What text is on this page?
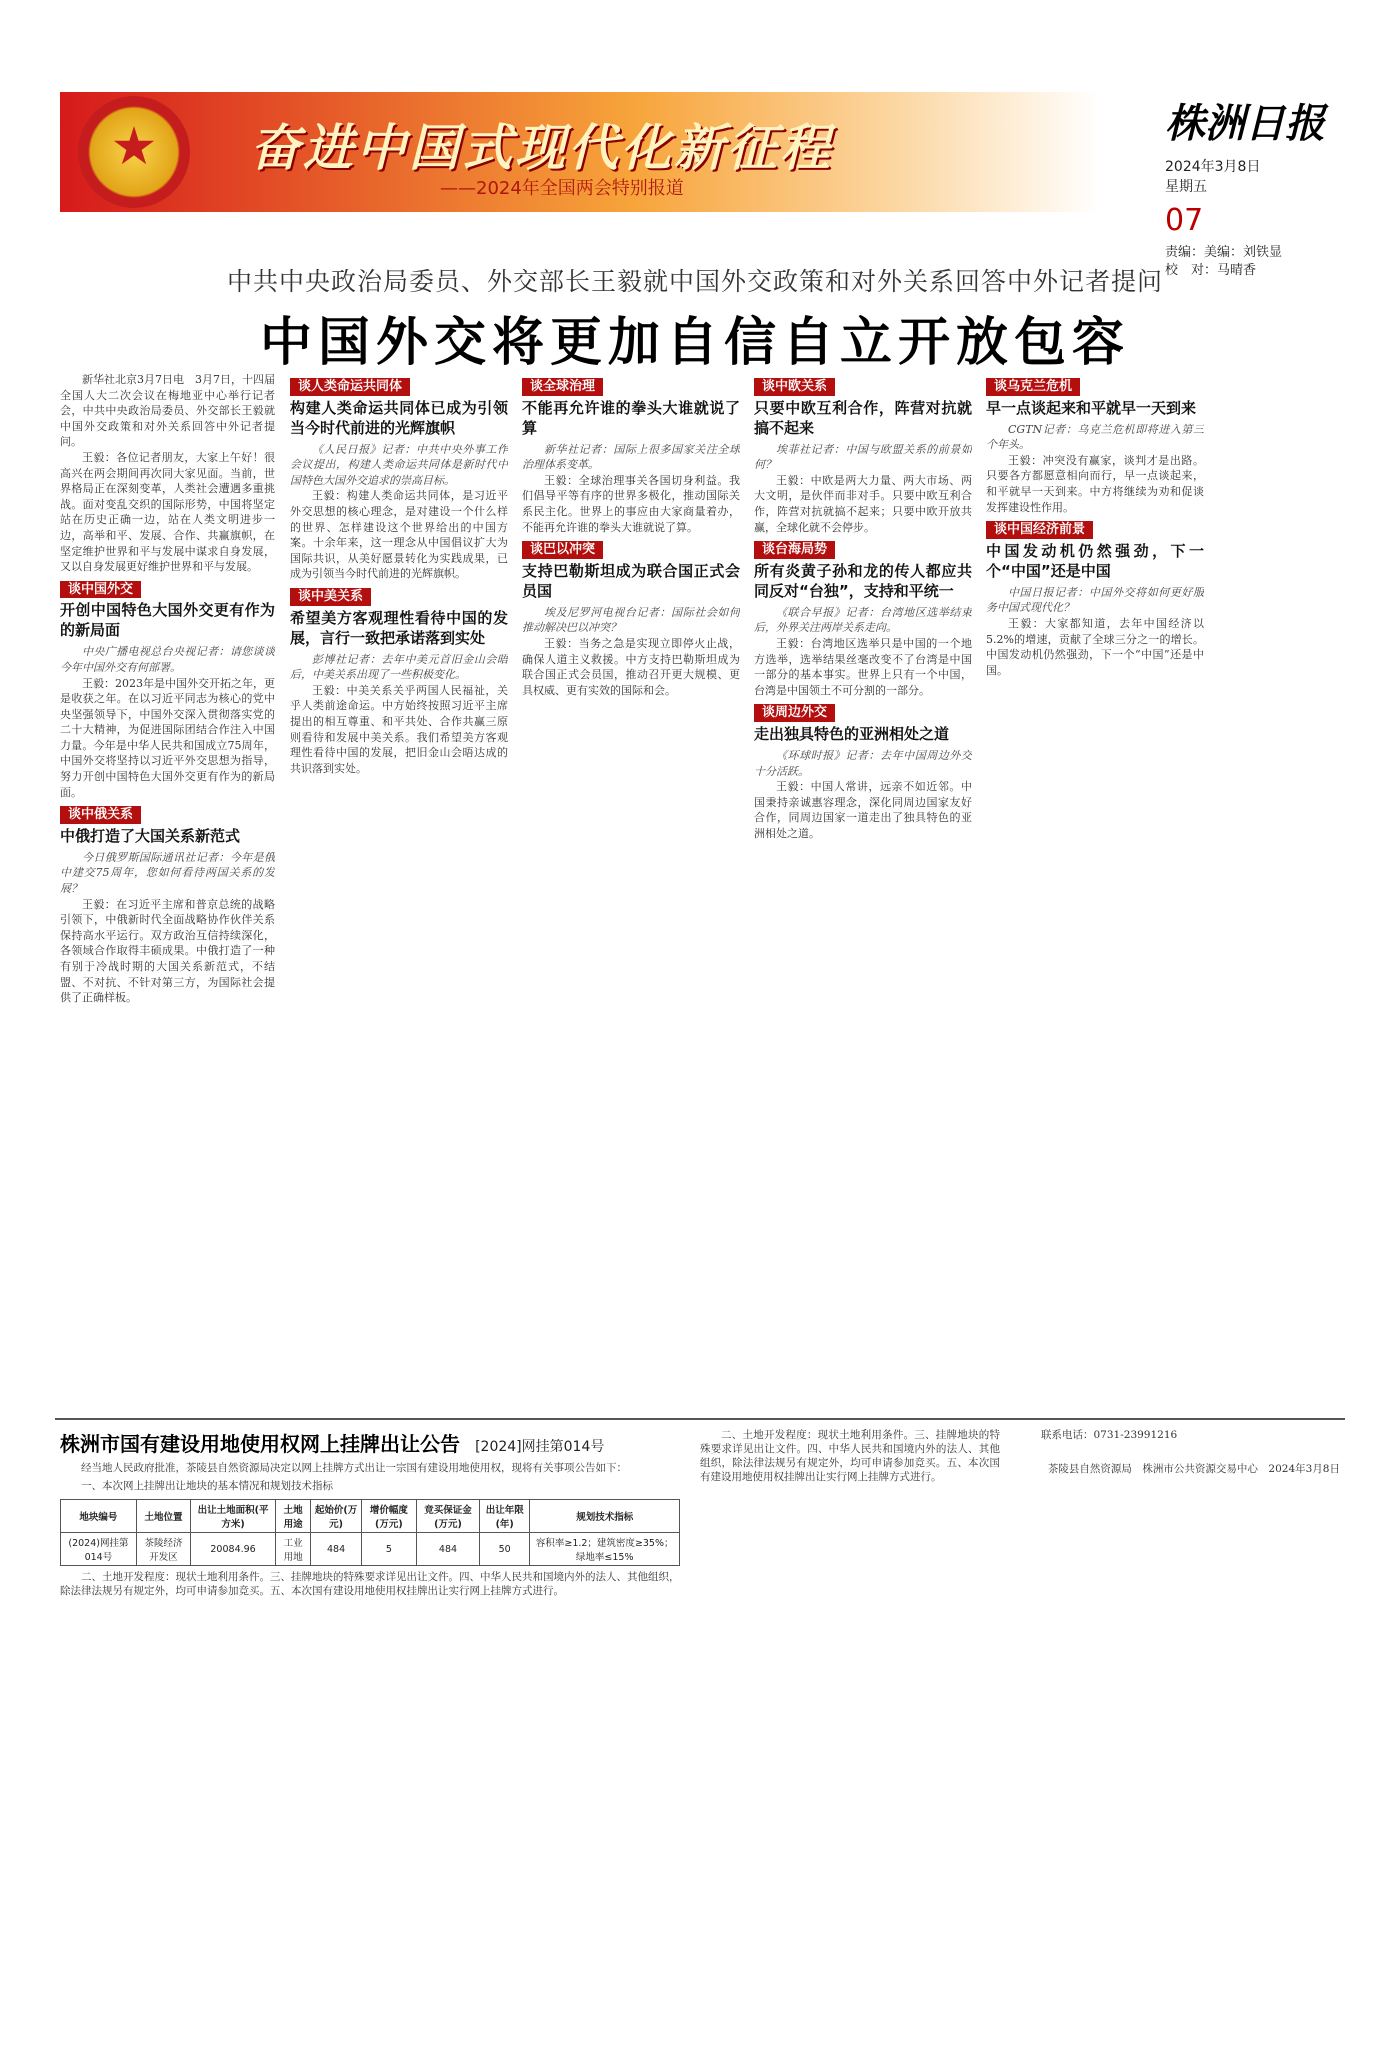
奋进中国式现代化新征程
——2024年全国两会特别报道
株洲日报
2024年3月8日
星期五
07
责编：美编：刘铁显
校　对：马晴香
中共中央政治局委员、外交部长王毅就中国外交政策和对外关系回答中外记者提问
中国外交将更加自信自立开放包容

新华社北京3月7日电　3月7日，十四届全国人大二次会议在梅地亚中心举行记者会，中共中央政治局委员、外交部长王毅就中国外交政策和对外关系回答中外记者提问。

王毅：各位记者朋友，大家上午好！很高兴在两会期间再次同大家见面。当前，世界格局正在深刻变革，人类社会遭遇多重挑战。面对变乱交织的国际形势，中国将坚定站在历史正确一边，站在人类文明进步一边，高举和平、发展、合作、共赢旗帜，在坚定维护世界和平与发展中谋求自身发展，又以自身发展更好维护世界和平与发展。

谈中国外交
开创中国特色大国外交更有作为的新局面

中央广播电视总台央视记者：请您谈谈今年中国外交有何部署。

王毅：2023年是中国外交开拓之年，更是收获之年。在以习近平同志为核心的党中央坚强领导下，中国外交深入贯彻落实党的二十大精神，为促进国际团结合作注入中国力量。今年是中华人民共和国成立75周年，中国外交将坚持以习近平外交思想为指导，努力开创中国特色大国外交更有作为的新局面。

谈中俄关系
中俄打造了大国关系新范式

今日俄罗斯国际通讯社记者：今年是俄中建交75周年，您如何看待两国关系的发展？

王毅：在习近平主席和普京总统的战略引领下，中俄新时代全面战略协作伙伴关系保持高水平运行。双方政治互信持续深化，各领域合作取得丰硕成果。中俄打造了一种有别于冷战时期的大国关系新范式，不结盟、不对抗、不针对第三方，为国际社会提供了正确样板。

谈人类命运共同体
构建人类命运共同体已成为引领当今时代前进的光辉旗帜

《人民日报》记者：中共中央外事工作会议提出，构建人类命运共同体是新时代中国特色大国外交追求的崇高目标。

王毅：构建人类命运共同体，是习近平外交思想的核心理念，是对建设一个什么样的世界、怎样建设这个世界给出的中国方案。十余年来，这一理念从中国倡议扩大为国际共识，从美好愿景转化为实践成果，已成为引领当今时代前进的光辉旗帜。

谈中美关系
希望美方客观理性看待中国的发展，言行一致把承诺落到实处

彭博社记者：去年中美元首旧金山会晤后，中美关系出现了一些积极变化。

王毅：中美关系关乎两国人民福祉，关乎人类前途命运。中方始终按照习近平主席提出的相互尊重、和平共处、合作共赢三原则看待和发展中美关系。我们希望美方客观理性看待中国的发展，把旧金山会晤达成的共识落到实处。

谈全球治理
不能再允许谁的拳头大谁就说了算

新华社记者：国际上很多国家关注全球治理体系变革。

王毅：全球治理事关各国切身利益。我们倡导平等有序的世界多极化，推动国际关系民主化。世界上的事应由大家商量着办，不能再允许谁的拳头大谁就说了算。

谈巴以冲突
支持巴勒斯坦成为联合国正式会员国

埃及尼罗河电视台记者：国际社会如何推动解决巴以冲突？

王毅：当务之急是实现立即停火止战，确保人道主义救援。中方支持巴勒斯坦成为联合国正式会员国，推动召开更大规模、更具权威、更有实效的国际和会。

谈中欧关系
只要中欧互利合作，阵营对抗就搞不起来

埃菲社记者：中国与欧盟关系的前景如何？

王毅：中欧是两大力量、两大市场、两大文明，是伙伴而非对手。只要中欧互利合作，阵营对抗就搞不起来；只要中欧开放共赢，全球化就不会停步。

谈台海局势
所有炎黄子孙和龙的传人都应共同反对“台独”，支持和平统一

《联合早报》记者：台湾地区选举结束后，外界关注两岸关系走向。

王毅：台湾地区选举只是中国的一个地方选举，选举结果丝毫改变不了台湾是中国一部分的基本事实。世界上只有一个中国，台湾是中国领土不可分割的一部分。

谈周边外交
走出独具特色的亚洲相处之道

《环球时报》记者：去年中国周边外交十分活跃。

王毅：中国人常讲，远亲不如近邻。中国秉持亲诚惠容理念，深化同周边国家友好合作，同周边国家一道走出了独具特色的亚洲相处之道。

谈乌克兰危机
早一点谈起来和平就早一天到来

CGTN记者：乌克兰危机即将进入第三个年头。

王毅：冲突没有赢家，谈判才是出路。只要各方都愿意相向而行，早一点谈起来，和平就早一天到来。中方将继续为劝和促谈发挥建设性作用。

谈中国经济前景
中国发动机仍然强劲，下一个“中国”还是中国

中国日报记者：中国外交将如何更好服务中国式现代化？

王毅：大家都知道，去年中国经济以5.2%的增速，贡献了全球三分之一的增长。中国发动机仍然强劲，下一个“中国”还是中国。

株洲市国有建设用地使用权网上挂牌出让公告 [2024]网挂第014号

经当地人民政府批准，茶陵县自然资源局决定以网上挂牌方式出让一宗国有建设用地使用权，现将有关事项公告如下：

一、本次网上挂牌出让地块的基本情况和规划技术指标

地块编号	土地位置	出让土地面积(平方米)	土地用途	起始价(万元)	增价幅度(万元)	竞买保证金(万元)	出让年限(年)	规划技术指标
(2024)网挂第014号	茶陵经济开发区	20084.96	工业用地	484	5	484	50	容积率≥1.2；建筑密度≥35%；绿地率≤15%

二、土地开发程度：现状土地利用条件。三、挂牌地块的特殊要求详见出让文件。四、中华人民共和国境内外的法人、其他组织，除法律法规另有规定外，均可申请参加竞买。五、本次国有建设用地使用权挂牌出让实行网上挂牌方式进行。

二、土地开发程度：现状土地利用条件。三、挂牌地块的特殊要求详见出让文件。四、中华人民共和国境内外的法人、其他组织，除法律法规另有规定外，均可申请参加竞买。五、本次国有建设用地使用权挂牌出让实行网上挂牌方式进行。

联系电话：0731-23991216

茶陵县自然资源局　株洲市公共资源交易中心　2024年3月8日
